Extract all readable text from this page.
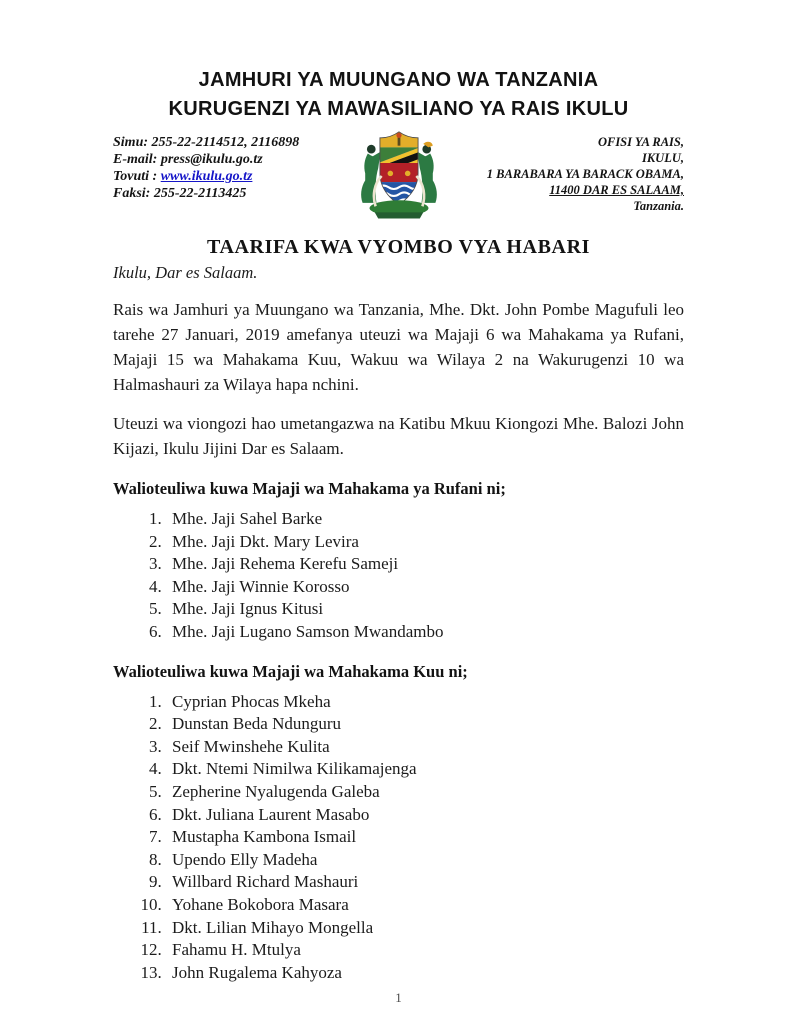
JAMHURI YA MUUNGANO WA TANZANIA
KURUGENZI YA MAWASILIANO YA RAIS IKULU
Simu: 255-22-2114512, 2116898
E-mail: press@ikulu.go.tz
Tovuti : www.ikulu.go.tz
Faksi: 255-22-2113425
OFISI YA RAIS,
IKULU,
1 BARABARA YA BARACK OBAMA,
11400 DAR ES SALAAM,
Tanzania.
TAARIFA KWA VYOMBO VYA HABARI
Ikulu, Dar es Salaam.

Rais wa Jamhuri ya Muungano wa Tanzania, Mhe. Dkt. John Pombe Magufuli leo tarehe 27 Januari, 2019 amefanya uteuzi wa Majaji 6 wa Mahakama ya Rufani, Majaji 15 wa Mahakama Kuu, Wakuu wa Wilaya 2 na Wakurugenzi 10 wa Halmashauri za Wilaya hapa nchini.

Uteuzi wa viongozi hao umetangazwa na Katibu Mkuu Kiongozi Mhe. Balozi John Kijazi, Ikulu Jijini Dar es Salaam.

Walioteuliwa kuwa Majaji wa Mahakama ya Rufani ni;
1. Mhe. Jaji Sahel Barke
2. Mhe. Jaji Dkt. Mary Levira
3. Mhe. Jaji Rehema Kerefu Sameji
4. Mhe. Jaji Winnie Korosso
5. Mhe. Jaji Ignus Kitusi
6. Mhe. Jaji Lugano Samson Mwandambo
Walioteuliwa kuwa Majaji wa Mahakama Kuu ni;
1. Cyprian Phocas Mkeha
2. Dunstan Beda Ndunguru
3. Seif Mwinshehe Kulita
4. Dkt. Ntemi Nimilwa Kilikamajenga
5. Zepherine Nyalugenda Galeba
6. Dkt. Juliana Laurent Masabo
7. Mustapha Kambona Ismail
8. Upendo Elly Madeha
9. Willbard Richard Mashauri
10. Yohane Bokobora Masara
11. Dkt. Lilian Mihayo Mongella
12. Fahamu H. Mtulya
13. John Rugalema Kahyoza
1
